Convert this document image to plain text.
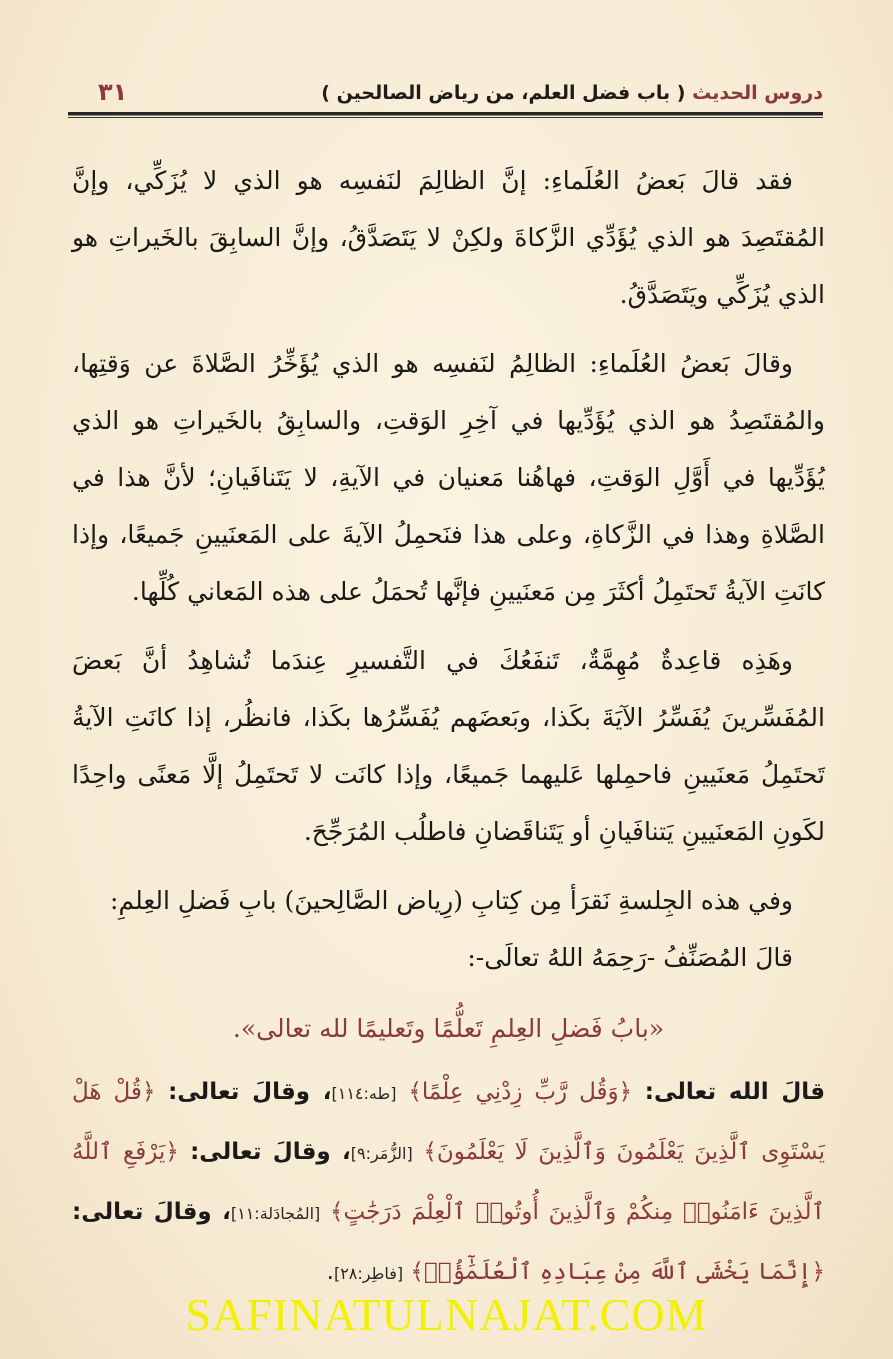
دروس الحديث ( باب فضل العلم، من رياض الصالحين )
٣١

فقد قالَ بَعضُ العُلَماءِ: إنَّ الظالِمَ لنَفسِه هو الذي لا يُزَكِّي، وإنَّ المُقتَصِدَ هو الذي يُؤَدِّي الزَّكاةَ ولكِنْ لا يَتَصَدَّقُ، وإنَّ السابِقَ بالخَيراتِ هو الذي يُزَكِّي ويَتَصَدَّقُ.

وقالَ بَعضُ العُلَماءِ: الظالِمُ لنَفسِه هو الذي يُؤَخِّرُ الصَّلاةَ عن وَقتِها، والمُقتَصِدُ هو الذي يُؤَدِّيها في آخِرِ الوَقتِ، والسابِقُ بالخَيراتِ هو الذي يُؤَدِّيها في أَوَّلِ الوَقتِ، فهاهُنا مَعنيان في الآيةِ، لا يَتَنافَيانِ؛ لأنَّ هذا في الصَّلاةِ وهذا في الزَّكاةِ، وعلى هذا فنَحمِلُ الآيةَ على المَعنَيينِ جَميعًا، وإذا كانَتِ الآيةُ تَحتَمِلُ أكثَرَ مِن مَعنَيينِ فإنَّها تُحمَلُ على هذه المَعاني كُلِّها.

وهَذِه قاعِدةٌ مُهِمَّةٌ، تَنفَعُكَ في التَّفسيرِ عِندَما تُشاهِدُ أنَّ بَعضَ المُفَسِّرينَ يُفَسِّرُ الآيَةَ بكَذا، وبَعضَهم يُفَسِّرُها بكَذا، فانظُر، إذا كانَتِ الآيةُ تَحتَمِلُ مَعنَيينِ فاحمِلها عَليهما جَميعًا، وإذا كانَت لا تَحتَمِلُ إلَّا مَعنًى واحِدًا لكَونِ المَعنَيينِ يَتنافَيانِ أو يَتَناقَضانِ فاطلُب المُرَجِّحَ.

وفي هذه الجِلسةِ نَقرَأ مِن كِتابِ (رِياض الصَّالِحينَ) بابِ فَضلِ العِلمِ:

قالَ المُصَنِّفُ -رَحِمَهُ اللهُ تعالَى-:

«بابُ فَضلِ العِلمِ تَعلُّمًا وتَعليمًا لله تعالى».

قالَ الله تعالى: ﴿وَقُل رَّبِّ زِدْنِي عِلْمًا﴾ [طه:١١٤]، وقالَ تعالى: ﴿قُلْ هَلْ يَسْتَوِى ٱلَّذِينَ يَعْلَمُونَ وَٱلَّذِينَ لَا يَعْلَمُونَ﴾ [الزُّمَر:٩]، وقالَ تعالى: ﴿يَرْفَعِ ٱللَّهُ ٱلَّذِينَ ءَامَنُوا۟ مِنكُمْ وَٱلَّذِينَ أُوتُوا۟ ٱلْعِلْمَ دَرَجَٰتٍ﴾ [المُجادَلة:١١]، وقالَ تعالى: ﴿إِنَّمَا يَخْشَى ٱللَّهَ مِنْ عِبَادِهِ ٱلْعُلَمَٰٓؤُا۟﴾ [فاطِر:٢٨].

SAFINATULNAJAT.COM
